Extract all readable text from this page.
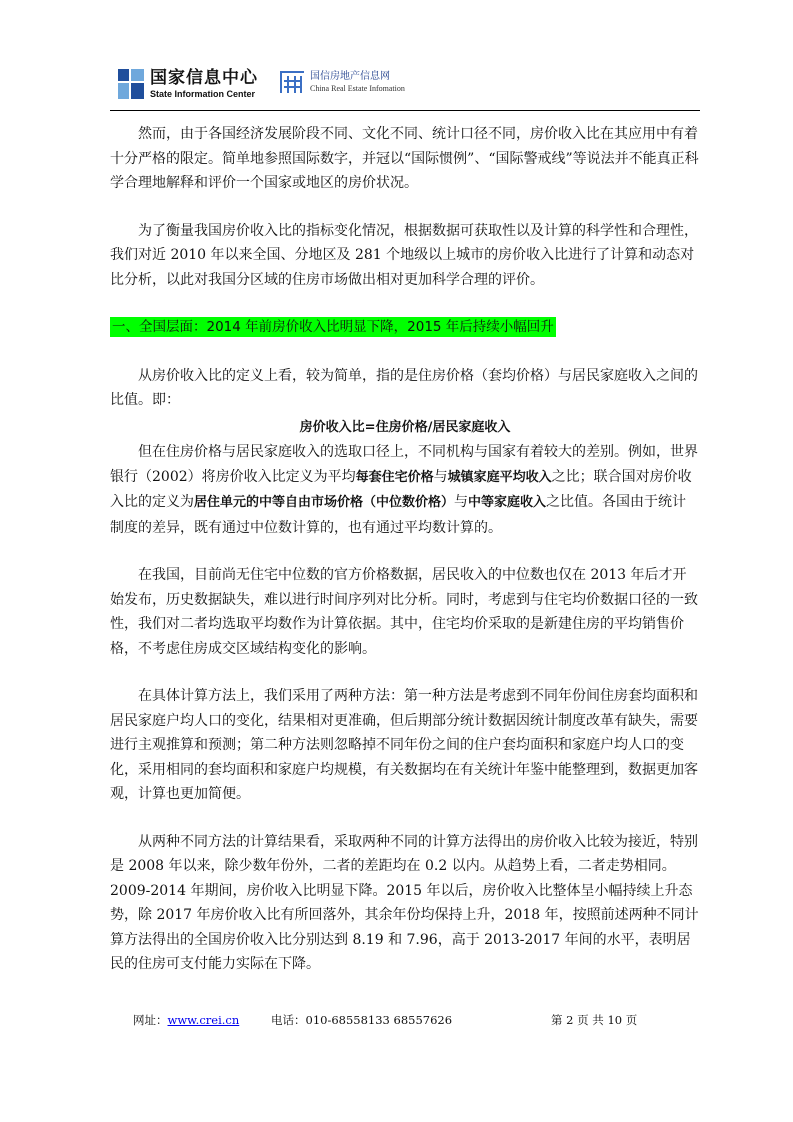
国家信息中心
State Information Center
国信房地产信息网
China Real Estate Infomation

然而，由于各国经济发展阶段不同、文化不同、统计口径不同，房价收入比在其应用中有着十分严格的限定。简单地参照国际数字，并冠以“国际惯例”、“国际警戒线”等说法并不能真正科学合理地解释和评价一个国家或地区的房价状况。

为了衡量我国房价收入比的指标变化情况，根据数据可获取性以及计算的科学性和合理性，我们对近 2010 年以来全国、分地区及 281 个地级以上城市的房价收入比进行了计算和动态对比分析，以此对我国分区域的住房市场做出相对更加科学合理的评价。

一、全国层面：2014 年前房价收入比明显下降，2015 年后持续小幅回升

从房价收入比的定义上看，较为简单，指的是住房价格（套均价格）与居民家庭收入之间的比值。即：

房价收入比=住房价格/居民家庭收入

但在住房价格与居民家庭收入的选取口径上，不同机构与国家有着较大的差别。例如，世界银行（2002）将房价收入比定义为平均每套住宅价格与城镇家庭平均收入之比；联合国对房价收入比的定义为居住单元的中等自由市场价格（中位数价格）与中等家庭收入之比值。各国由于统计制度的差异，既有通过中位数计算的，也有通过平均数计算的。

在我国，目前尚无住宅中位数的官方价格数据，居民收入的中位数也仅在 2013 年后才开始发布，历史数据缺失，难以进行时间序列对比分析。同时，考虑到与住宅均价数据口径的一致性，我们对二者均选取平均数作为计算依据。其中，住宅均价采取的是新建住房的平均销售价格，不考虑住房成交区域结构变化的影响。

在具体计算方法上，我们采用了两种方法：第一种方法是考虑到不同年份间住房套均面积和居民家庭户均人口的变化，结果相对更准确，但后期部分统计数据因统计制度改革有缺失，需要进行主观推算和预测；第二种方法则忽略掉不同年份之间的住户套均面积和家庭户均人口的变化，采用相同的套均面积和家庭户均规模，有关数据均在有关统计年鉴中能整理到，数据更加客观，计算也更加简便。

从两种不同方法的计算结果看，采取两种不同的计算方法得出的房价收入比较为接近，特别是 2008 年以来，除少数年份外，二者的差距均在 0.2 以内。从趋势上看，二者走势相同。2009-2014 年期间，房价收入比明显下降。2015 年以后，房价收入比整体呈小幅持续上升态势，除 2017 年房价收入比有所回落外，其余年份均保持上升，2018 年，按照前述两种不同计算方法得出的全国房价收入比分别达到 8.19 和 7.96，高于 2013-2017 年间的水平，表明居民的住房可支付能力实际在下降。

网址：www.crei.cn	电话：010-68558133 68557626	第 2 页 共 10 页
